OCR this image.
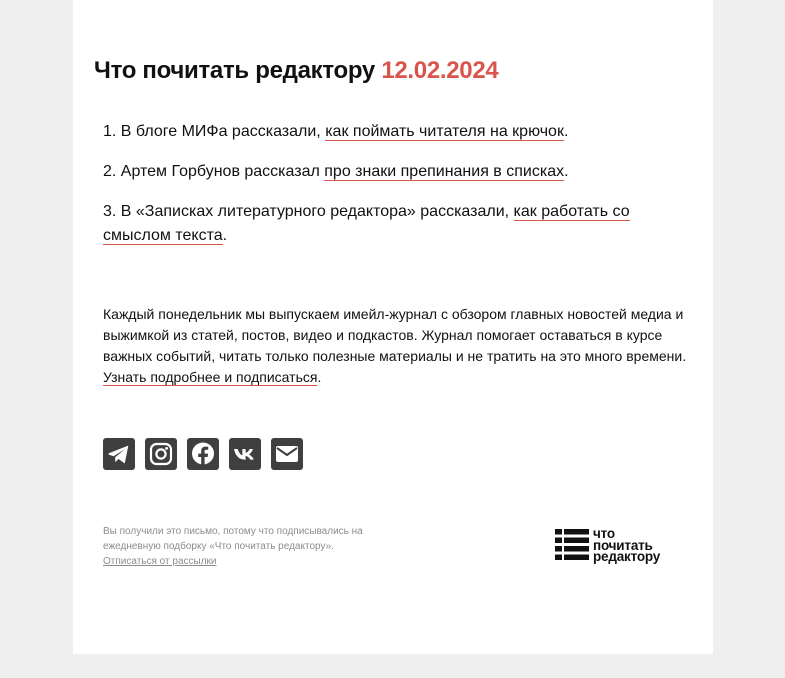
Что почитать редактору 12.02.2024

1. В блоге МИФа рассказали, как поймать читателя на крючок.

2. Артем Горбунов рассказал про знаки препинания в списках.

3. В «Записках литературного редактора» рассказали, как работать со смыслом текста.

Каждый понедельник мы выпускаем имейл-журнал с обзором главных новостей медиа и выжимкой из статей, постов, видео и подкастов. Журнал помогает оставаться в курсе важных событий, читать только полезные материалы и не тратить на это много времени. Узнать подробнее и подписаться.

Вы получили это письмо, потому что подписывались на ежедневную подборку «Что почитать редактору».
Отписаться от рассылки
что
почитать
редактору
